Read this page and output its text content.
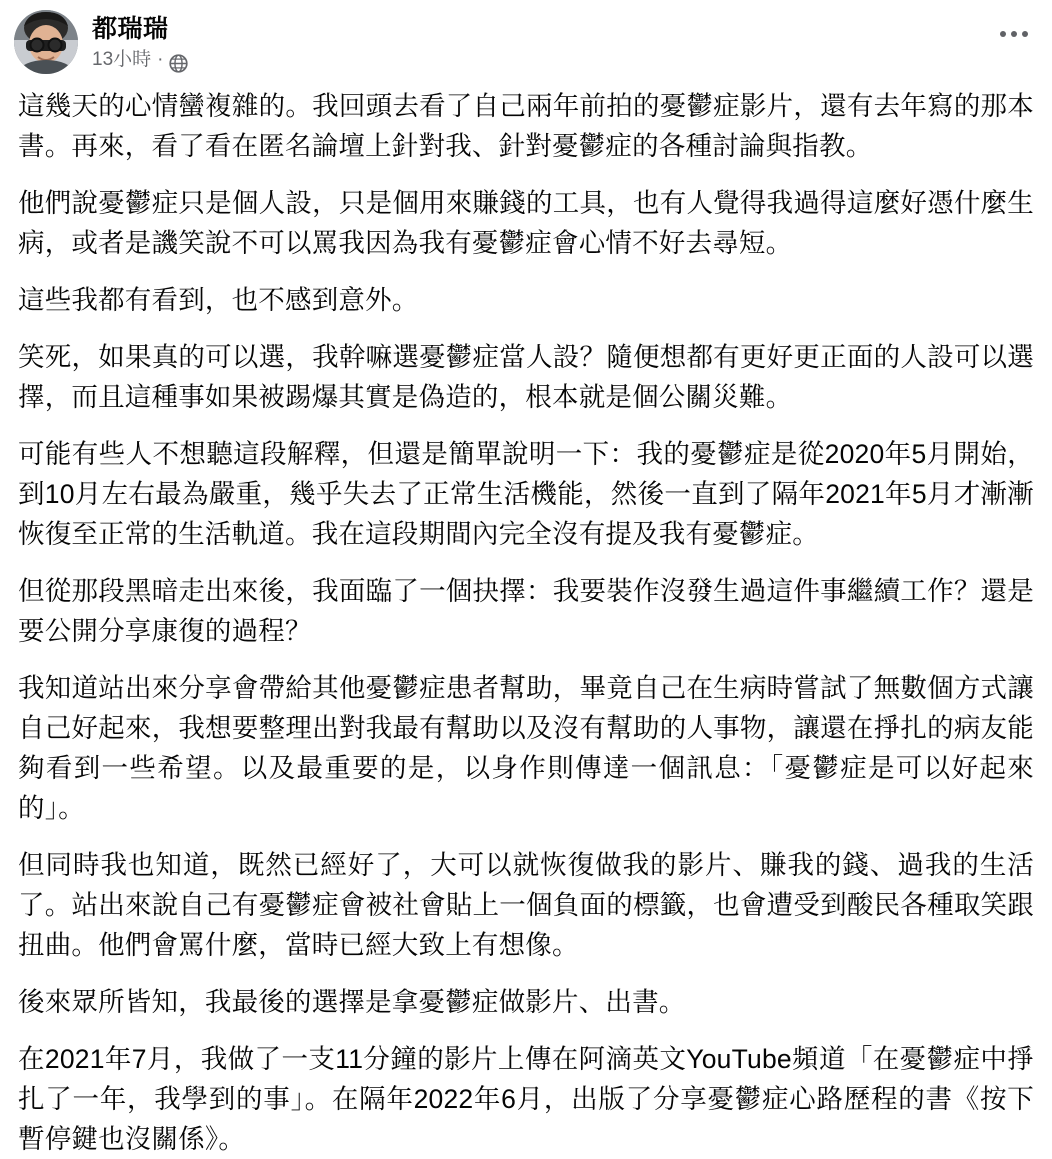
都瑞瑞
13小時 ·

這幾天的心情蠻複雜的。我回頭去看了自己兩年前拍的憂鬱症影片，還有去年寫的那本書。再來，看了看在匿名論壇上針對我、針對憂鬱症的各種討論與指教。

他們說憂鬱症只是個人設，只是個用來賺錢的工具，也有人覺得我過得這麼好憑什麼生病，或者是譏笑說不可以罵我因為我有憂鬱症會心情不好去尋短。

這些我都有看到，也不感到意外。

笑死，如果真的可以選，我幹嘛選憂鬱症當人設？隨便想都有更好更正面的人設可以選擇，而且這種事如果被踢爆其實是偽造的，根本就是個公關災難。

可能有些人不想聽這段解釋，但還是簡單說明一下：我的憂鬱症是從2020年5月開始，到10月左右最為嚴重，幾乎失去了正常生活機能，然後一直到了隔年2021年5月才漸漸恢復至正常的生活軌道。我在這段期間內完全沒有提及我有憂鬱症。

但從那段黑暗走出來後，我面臨了一個抉擇：我要裝作沒發生過這件事繼續工作？還是要公開分享康復的過程？

我知道站出來分享會帶給其他憂鬱症患者幫助，畢竟自己在生病時嘗試了無數個方式讓自己好起來，我想要整理出對我最有幫助以及沒有幫助的人事物，讓還在掙扎的病友能夠看到一些希望。以及最重要的是，以身作則傳達一個訊息：「憂鬱症是可以好起來的」。

但同時我也知道，既然已經好了，大可以就恢復做我的影片、賺我的錢、過我的生活了。站出來說自己有憂鬱症會被社會貼上一個負面的標籤，也會遭受到酸民各種取笑跟扭曲。他們會罵什麼，當時已經大致上有想像。

後來眾所皆知，我最後的選擇是拿憂鬱症做影片、出書。

在2021年7月，我做了一支11分鐘的影片上傳在阿滴英文YouTube頻道「在憂鬱症中掙扎了一年，我學到的事」。在隔年2022年6月，出版了分享憂鬱症心路歷程的書《按下暫停鍵也沒關係》。
